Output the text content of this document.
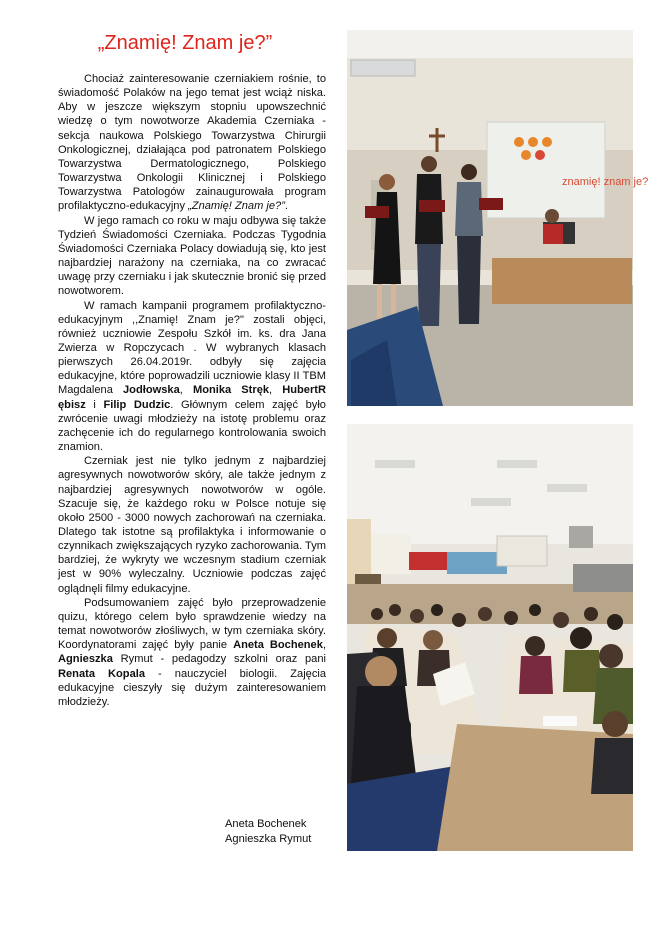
„Znamię! Znam je?”

Chociaż zainteresowanie czerniakiem rośnie, to świadomość Polaków na jego temat jest wciąż niska. Aby w jeszcze większym stopniu upowszechnić wiedzę o tym nowotworze Akademia Czerniaka - sekcja naukowa Polskiego Towarzystwa Chirurgii Onkologicznej, działająca pod patronatem Polskiego Towarzystwa Dermatologicznego, Polskiego Towarzystwa Onkologii Klinicznej i Polskiego Towarzystwa Patologów zainaugurowała program profilaktyczno-edukacyjny „Znamię! Znam je?”.

W jego ramach co roku w maju odbywa się także Tydzień Świadomości Czerniaka. Podczas Tygodnia Świadomości Czerniaka Polacy dowiadują się, kto jest najbardziej narażony na czerniaka, na co zwracać uwagę przy czerniaku i jak skutecznie bronić się przed nowotworem.

W ramach kampanii programem profilaktyczno-edukacyjnym ,,Znamię! Znam je?" zostali objęci, również uczniowie Zespołu Szkół im. ks. dra Jana Zwierza w Ropczycach . W wybranych klasach pierwszych 26.04.2019r. odbyły się zajęcia edukacyjne, które poprowadzili uczniowie klasy II TBM Magdalena Jodłowska, Monika Stręk, HubertR ębisz i Filip Dudzic. Głównym celem zajęć było zwrócenie uwagi młodzieży na istotę problemu oraz zachęcenie ich do regularnego kontrolowania swoich znamion.

Czerniak jest nie tylko jednym z najbardziej agresywnych nowotworów skóry, ale także jednym z najbardziej agresywnych nowotworów w ogóle. Szacuje się, że każdego roku w Polsce notuje się około 2500 - 3000 nowych zachorowań na czerniaka. Dlatego tak istotne są profilaktyka i informowanie o czynnikach zwiększających ryzyko zachorowania. Tym bardziej, że wykryty we wczesnym stadium czerniak jest w 90% wyleczalny. Uczniowie podczas zajęć oglądnęli filmy edukacyjne.

Podsumowaniem zajęć było przeprowadzenie quizu, którego celem było sprawdzenie wiedzy na temat nowotworów złośliwych, w tym czerniaka skóry. Koordynatorami zajęć były panie Aneta Bochenek, Agnieszka Rymut - pedagodzy szkolni oraz pani Renata Kopala - nauczyciel biologii. Zajęcia edukacyjne cieszyły się dużym zainteresowaniem młodzieży.

Aneta Bochenek
Agnieszka Rymut
znamię! znam je?
